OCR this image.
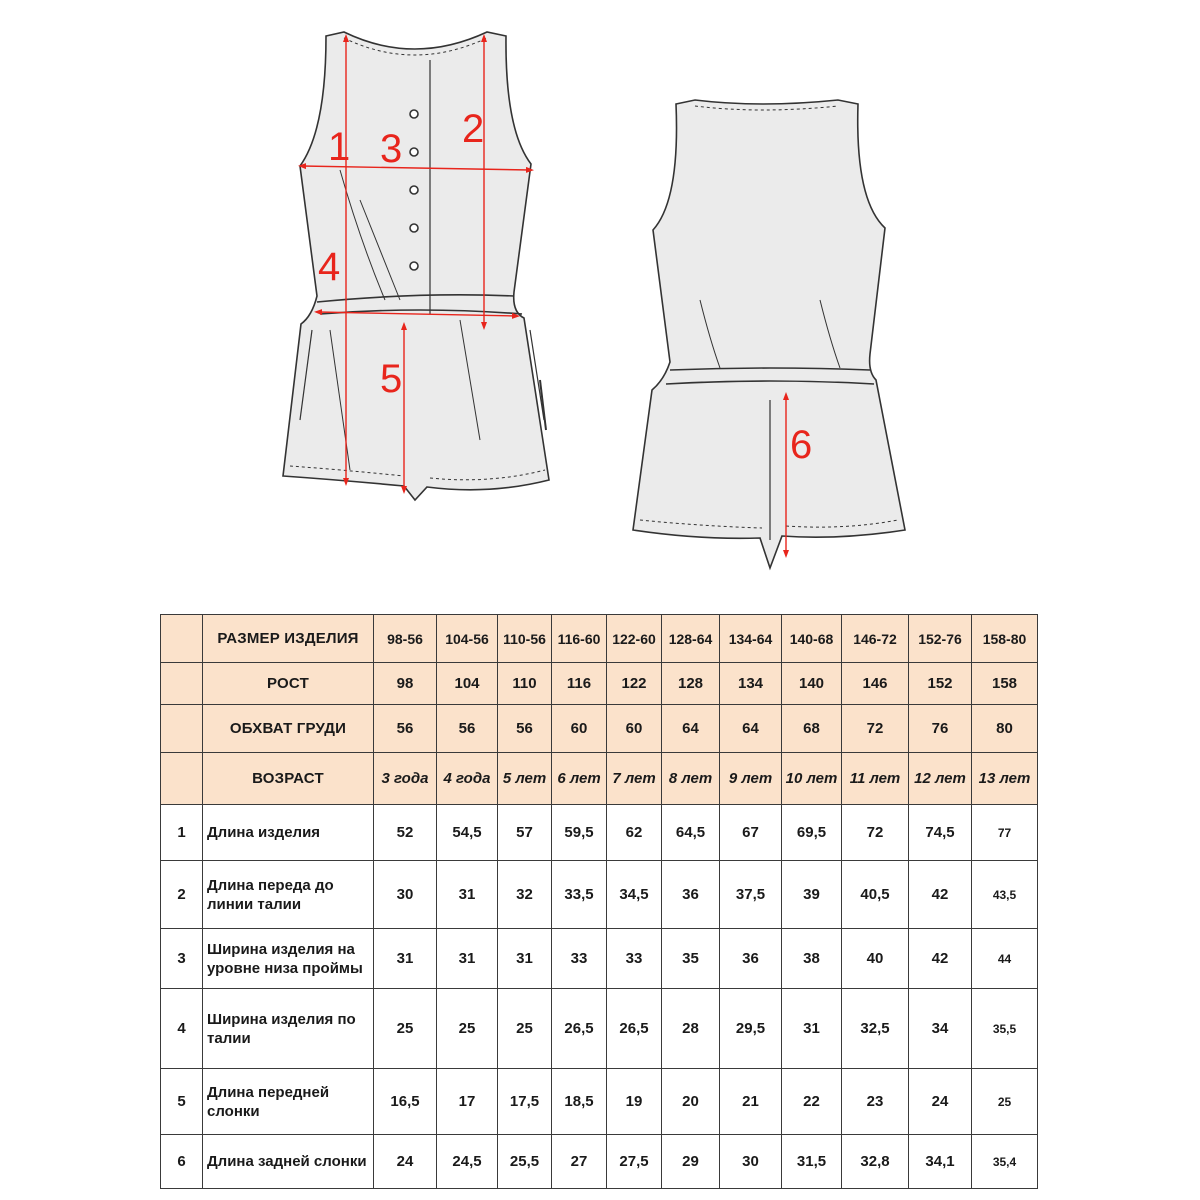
1	2
3
4
5
6
	РАЗМЕР ИЗДЕЛИЯ	98-56	104-56	110-56	116-60	122-60	128-64	134-64	140-68	146-72	152-76	158-80
	РОСТ	98	104	110	116	122	128	134	140	146	152	158
	ОБХВАТ ГРУДИ	56	56	56	60	60	64	64	68	72	76	80
	ВОЗРАСТ	3 года	4 года	5 лет	6 лет	7 лет	8 лет	9 лет	10 лет	11 лет	12 лет	13 лет
1	Длина изделия	52	54,5	57	59,5	62	64,5	67	69,5	72	74,5	77
2	Длина переда до линии талии	30	31	32	33,5	34,5	36	37,5	39	40,5	42	43,5
3	Ширина изделия на уровне низа проймы	31	31	31	33	33	35	36	38	40	42	44
4	Ширина изделия по талии	25	25	25	26,5	26,5	28	29,5	31	32,5	34	35,5
5	Длина передней слонки	16,5	17	17,5	18,5	19	20	21	22	23	24	25
6	Длина задней слонки	24	24,5	25,5	27	27,5	29	30	31,5	32,8	34,1	35,4
